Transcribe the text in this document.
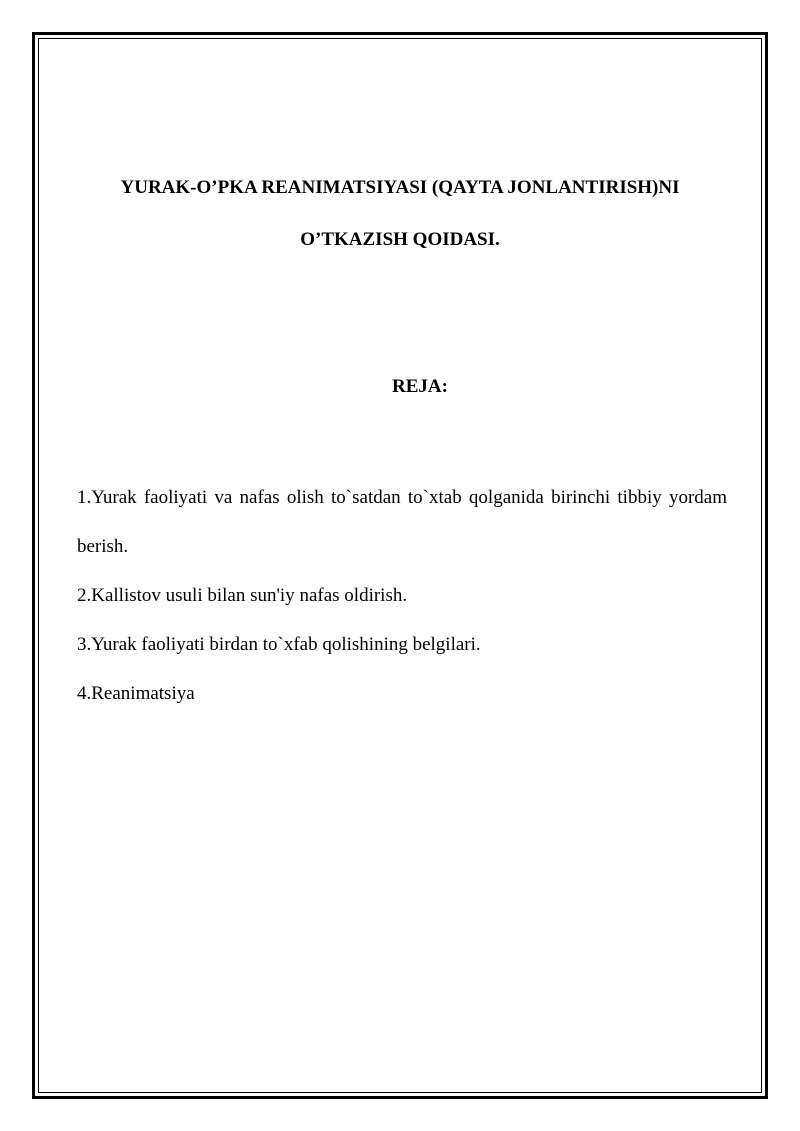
YURAK-O’PKA REANIMATSIYASI (QAYTA JONLANTIRISH)NI
O’TKAZISH QOIDASI.
REJA:
1.Yurak faoliyati va nafas olish to`satdan to`xtab qolganida birinchi tibbiy yordam berish.
2.Kallistov usuli bilan sun'iy nafas oldirish.
3.Yurak faoliyati birdan to`xfab qolishining belgilari.
4.Reanimatsiya
